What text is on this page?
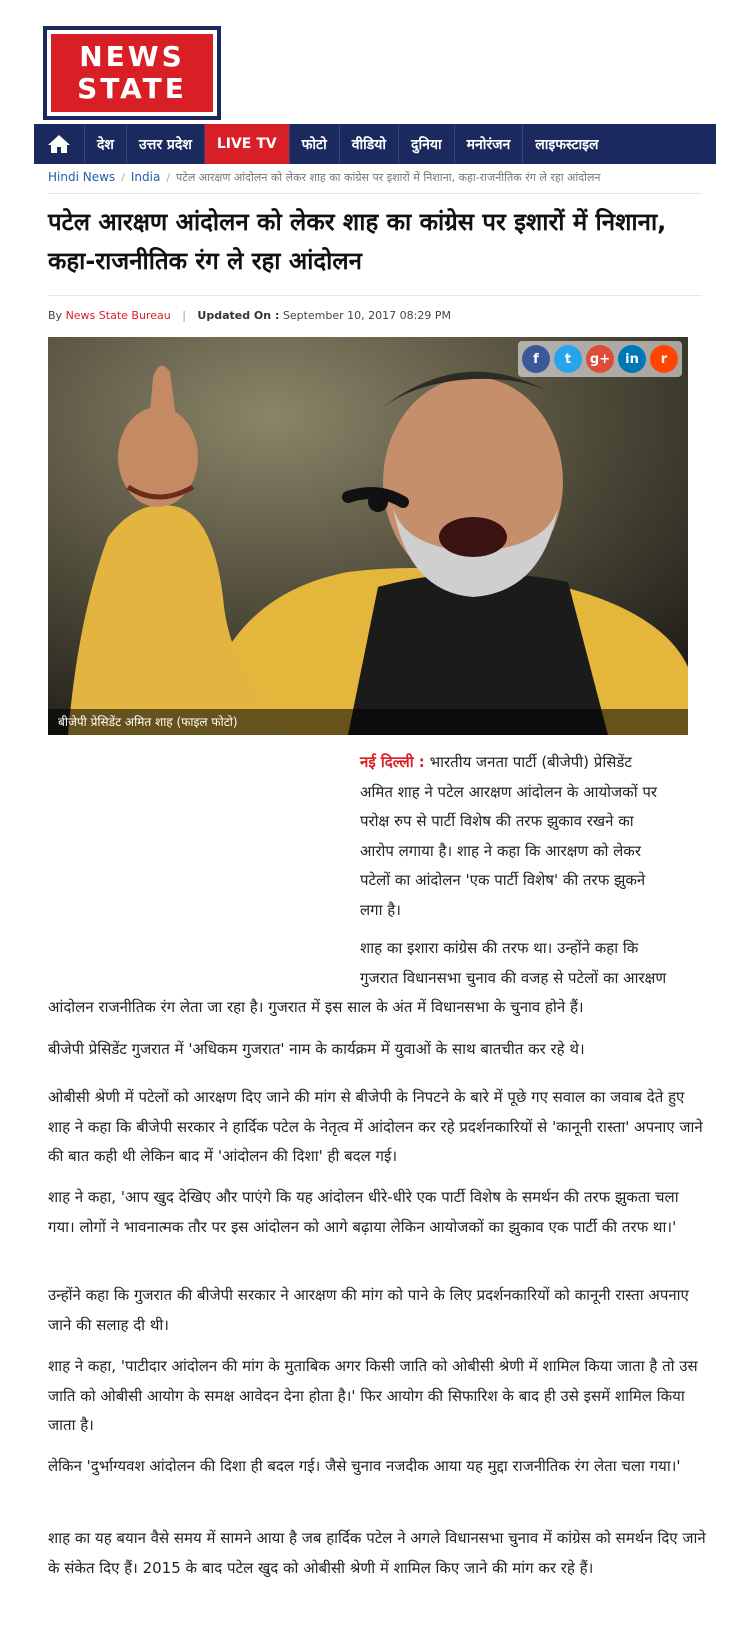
NEWS
STATE
देश	उत्तर प्रदेश	LIVE TV	फोटो	वीडियो	दुनिया	मनोरंजन	लाइफस्टाइल
Hindi News / India / पटेल आरक्षण आंदोलन को लेकर शाह का कांग्रेस पर इशारों में निशाना, कहा-राजनीतिक रंग ले रहा आंदोलन
पटेल आरक्षण आंदोलन को लेकर शाह का कांग्रेस पर इशारों में निशाना, कहा-राजनीतिक रंग ले रहा आंदोलन
By News State Bureau | Updated On : September 10, 2017 08:29 PM
f	t	g+	in	r
बीजेपी प्रेसिडेंट अमित शाह (फाइल फोटो)

नई दिल्ली : भारतीय जनता पार्टी (बीजेपी) प्रेसिडेंट
अमित शाह ने पटेल आरक्षण आंदोलन के आयोजकों पर
परोक्ष रुप से पार्टी विशेष की तरफ झुकाव रखने का
आरोप लगाया है। शाह ने कहा कि आरक्षण को लेकर
पटेलों का आंदोलन 'एक पार्टी विशेष' की तरफ झुकने
लगा है।

शाह का इशारा कांग्रेस की तरफ था। उन्होंने कहा कि
गुजरात विधानसभा चुनाव की वजह से पटेलों का आरक्षण
आंदोलन राजनीतिक रंग लेता जा रहा है। गुजरात में इस साल के अंत में विधानसभा के चुनाव होने हैं।

बीजेपी प्रेसिडेंट गुजरात में 'अधिकम गुजरात' नाम के कार्यक्रम में युवाओं के साथ बातचीत कर रहे थे।

ओबीसी श्रेणी में पटेलों को आरक्षण दिए जाने की मांग से बीजेपी के निपटने के बारे में पूछे गए सवाल का जवाब देते हुए शाह ने कहा कि बीजेपी सरकार ने हार्दिक पटेल के नेतृत्व में आंदोलन कर रहे प्रदर्शनकारियों से 'कानूनी रास्ता' अपनाए जाने की बात कही थी लेकिन बाद में 'आंदोलन की दिशा' ही बदल गई।

शाह ने कहा, 'आप खुद देखिए और पाएंगे कि यह आंदोलन धीरे-धीरे एक पार्टी विशेष के समर्थन की तरफ झुकता चला गया। लोगों ने भावनात्मक तौर पर इस आंदोलन को आगे बढ़ाया लेकिन आयोजकों का झुकाव एक पार्टी की तरफ था।'

उन्होंने कहा कि गुजरात की बीजेपी सरकार ने आरक्षण की मांग को पाने के लिए प्रदर्शनकारियों को कानूनी रास्ता अपनाए जाने की सलाह दी थी।

शाह ने कहा, 'पाटीदार आंदोलन की मांग के मुताबिक अगर किसी जाति को ओबीसी श्रेणी में शामिल किया जाता है तो उस जाति को ओबीसी आयोग के समक्ष आवेदन देना होता है।' फिर आयोग की सिफारिश के बाद ही उसे इसमें शामिल किया जाता है।

लेकिन 'दुर्भाग्यवश आंदोलन की दिशा ही बदल गई। जैसे चुनाव नजदीक आया यह मुद्दा राजनीतिक रंग लेता चला गया।'

शाह का यह बयान वैसे समय में सामने आया है जब हार्दिक पटेल ने अगले विधानसभा चुनाव में कांग्रेस को समर्थन दिए जाने के संकेत दिए हैं। 2015 के बाद पटेल खुद को ओबीसी श्रेणी में शामिल किए जाने की मांग कर रहे हैं।
